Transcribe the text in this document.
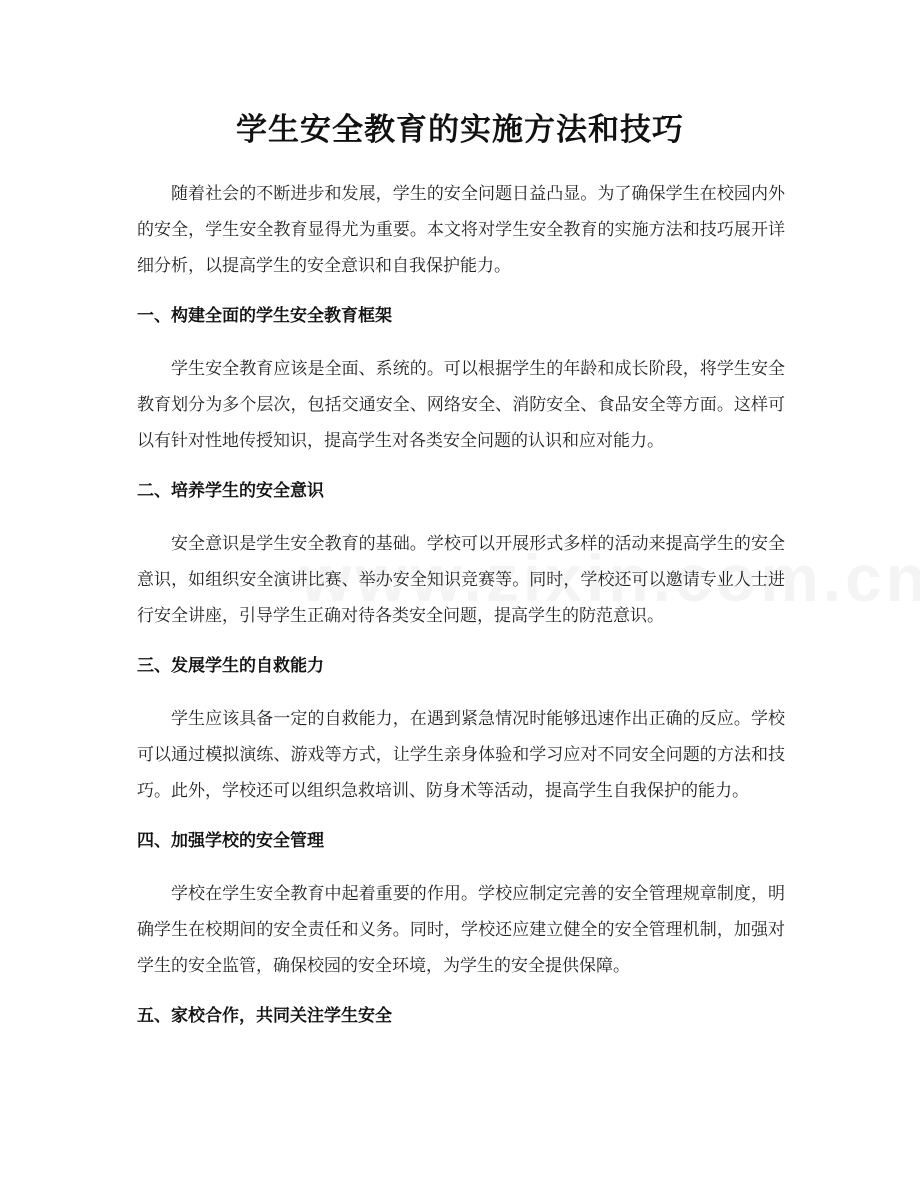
学生安全教育的实施方法和技巧

随着社会的不断进步和发展，学生的安全问题日益凸显。为了确保学生在校园内外的安全，学生安全教育显得尤为重要。本文将对学生安全教育的实施方法和技巧展开详细分析，以提高学生的安全意识和自我保护能力。

一、构建全面的学生安全教育框架

学生安全教育应该是全面、系统的。可以根据学生的年龄和成长阶段，将学生安全教育划分为多个层次，包括交通安全、网络安全、消防安全、食品安全等方面。这样可以有针对性地传授知识，提高学生对各类安全问题的认识和应对能力。

二、培养学生的安全意识

安全意识是学生安全教育的基础。学校可以开展形式多样的活动来提高学生的安全意识，如组织安全演讲比赛、举办安全知识竞赛等。同时，学校还可以邀请专业人士进行安全讲座，引导学生正确对待各类安全问题，提高学生的防范意识。

三、发展学生的自救能力

学生应该具备一定的自救能力，在遇到紧急情况时能够迅速作出正确的反应。学校可以通过模拟演练、游戏等方式，让学生亲身体验和学习应对不同安全问题的方法和技巧。此外，学校还可以组织急救培训、防身术等活动，提高学生自我保护的能力。

四、加强学校的安全管理

学校在学生安全教育中起着重要的作用。学校应制定完善的安全管理规章制度，明确学生在校期间的安全责任和义务。同时，学校还应建立健全的安全管理机制，加强对学生的安全监管，确保校园的安全环境，为学生的安全提供保障。

五、家校合作，共同关注学生安全
